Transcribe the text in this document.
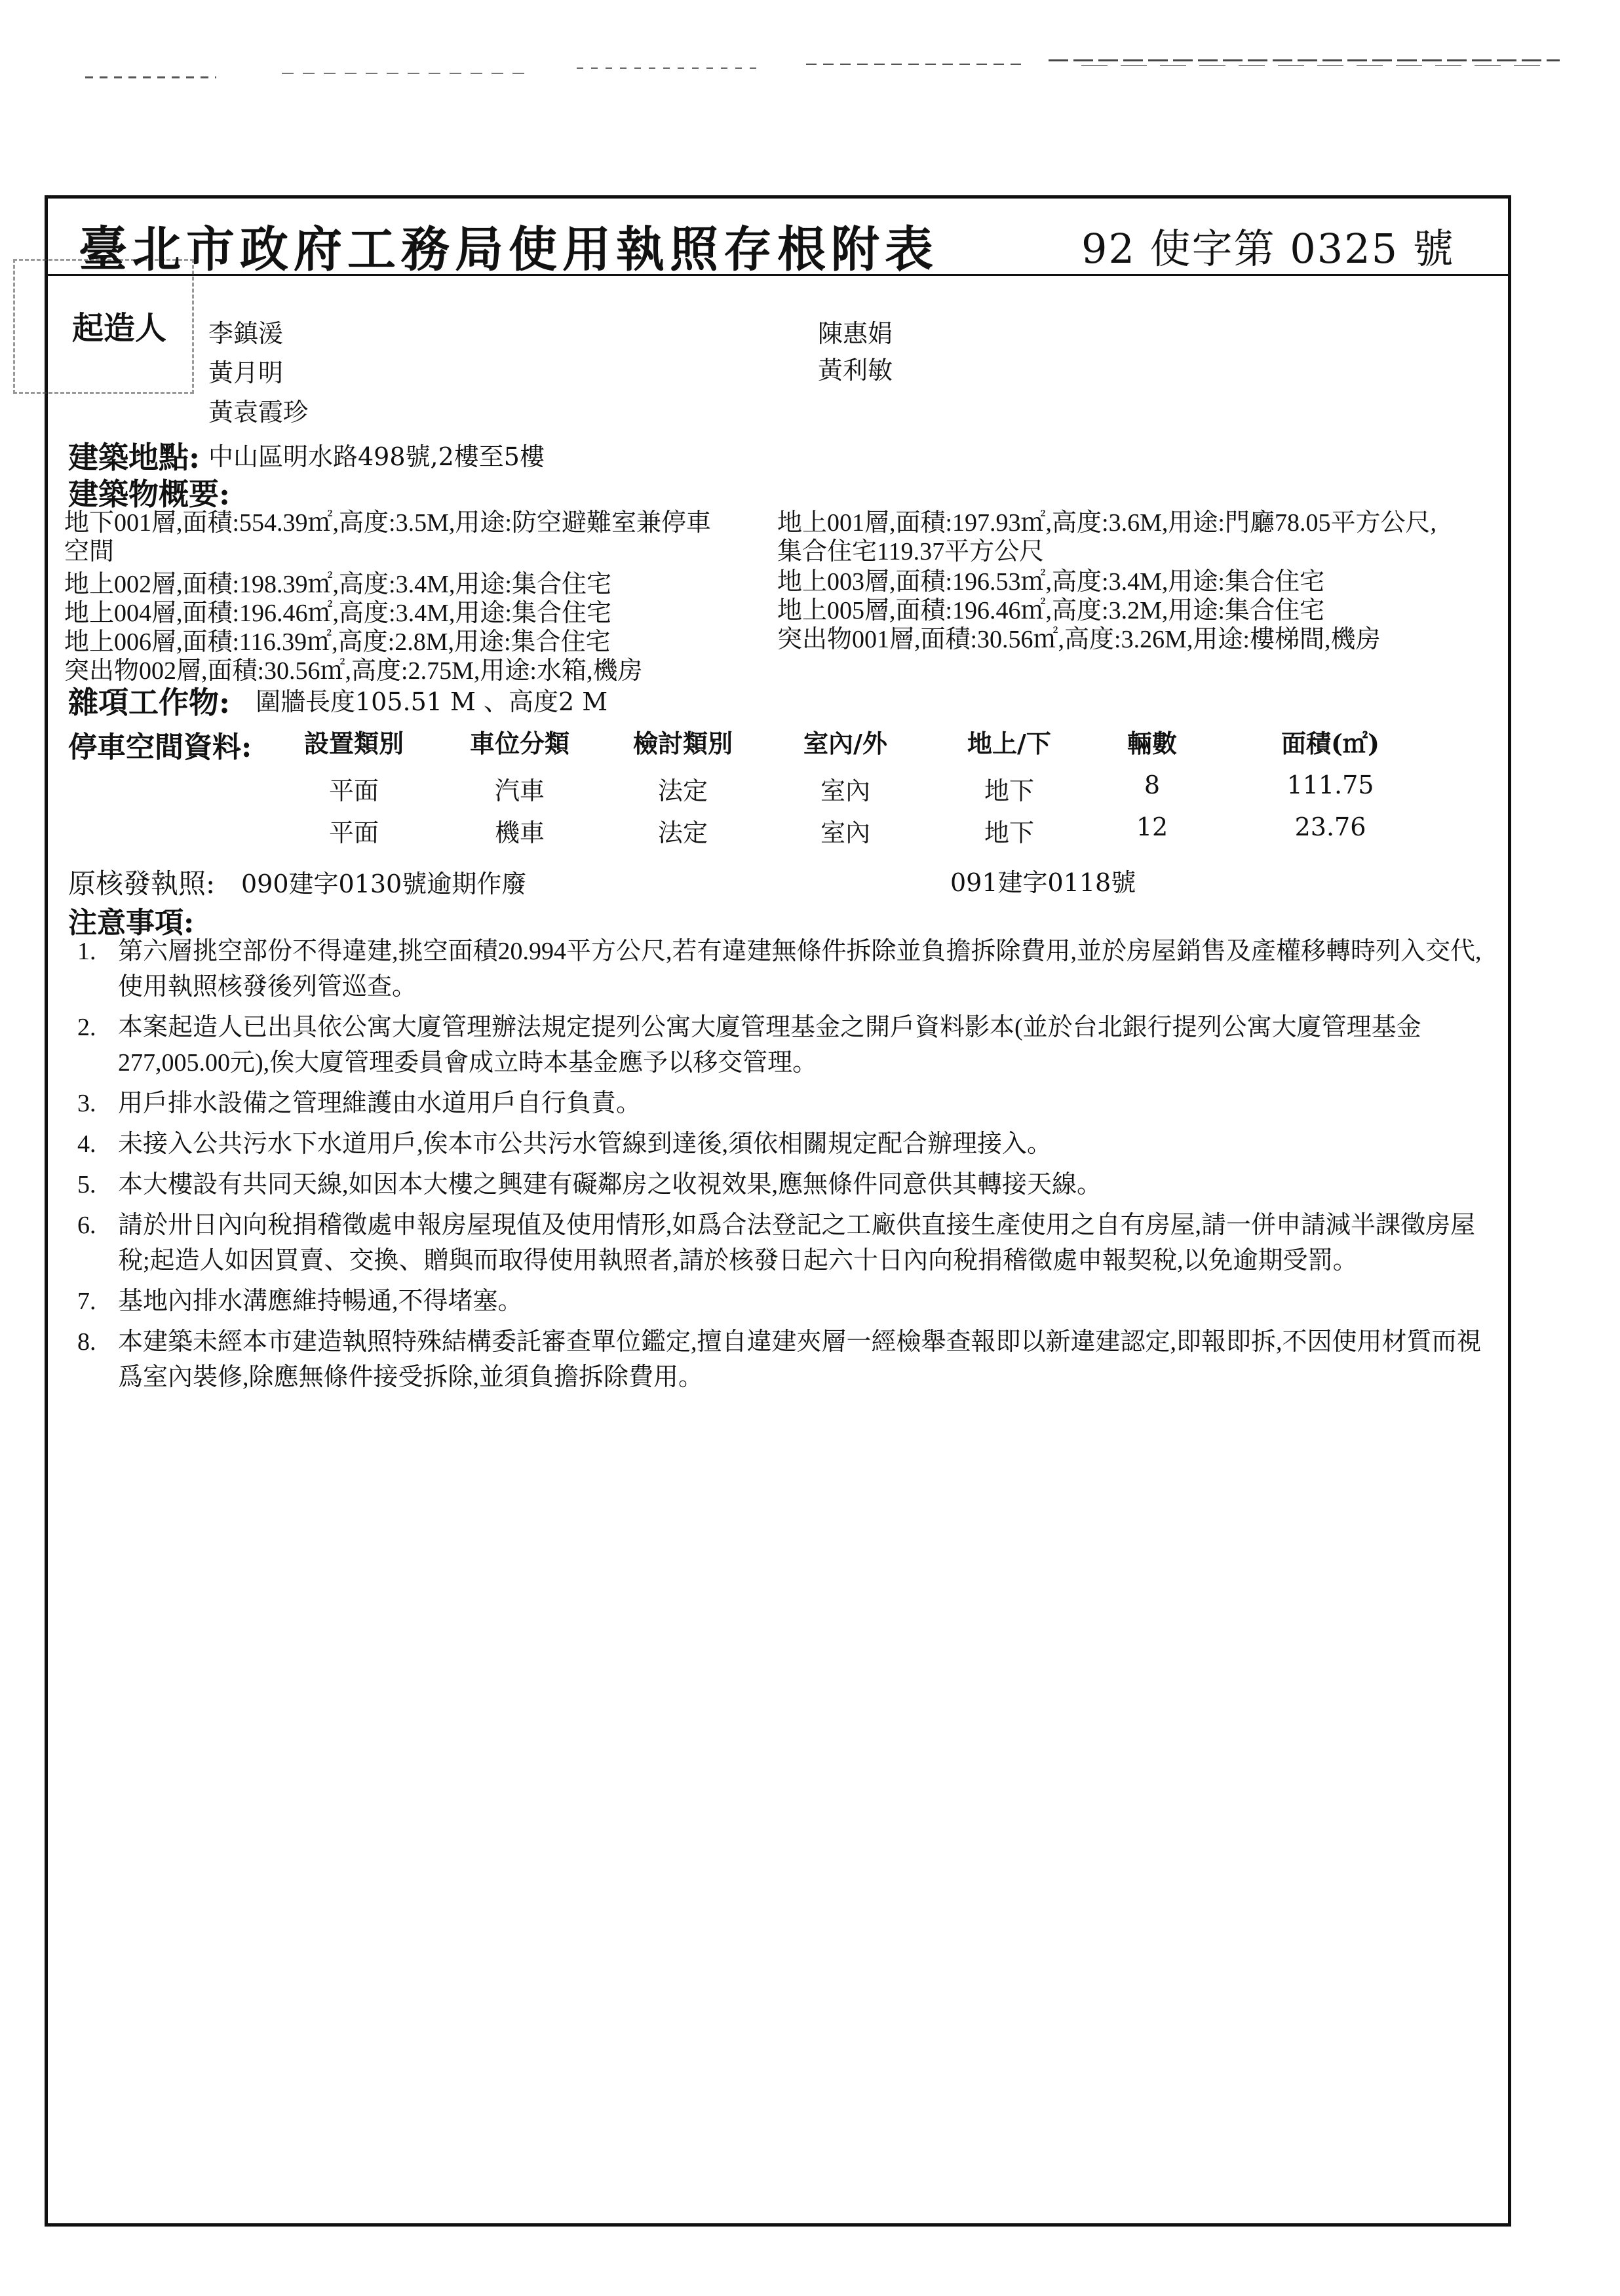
臺北市政府工務局使用執照存根附表	92 使字第 0325 號
起造人 李鎮湲
黃月明
黃袁霞珍
陳惠娟
黃利敏
建築地點: 中山區明水路498號,2樓至5樓
建築物概要:
地下001層,面積:554.39㎡,高度:3.5M,用途:防空避難室兼停車
空間
地上002層,面積:198.39㎡,高度:3.4M,用途:集合住宅
地上004層,面積:196.46㎡,高度:3.4M,用途:集合住宅
地上006層,面積:116.39㎡,高度:2.8M,用途:集合住宅
突出物002層,面積:30.56㎡,高度:2.75M,用途:水箱,機房
地上001層,面積:197.93㎡,高度:3.6M,用途:門廳78.05平方公尺,
集合住宅119.37平方公尺
地上003層,面積:196.53㎡,高度:3.4M,用途:集合住宅
地上005層,面積:196.46㎡,高度:3.2M,用途:集合住宅
突出物001層,面積:30.56㎡,高度:3.26M,用途:樓梯間,機房
雜項工作物: 圍牆長度105.51 M 、高度2 M
停車空間資料: 設置類別	車位分類	檢討類別	室內/外	地上/下	輛數	面積(㎡)
平面	汽車	法定	室內	地下	8	111.75
平面	機車	法定	室內	地下	12	23.76
原核發執照: 090建字0130號逾期作廢	091建字0118號
注意事項:
1. 第六層挑空部份不得違建,挑空面積20.994平方公尺,若有違建無條件拆除並負擔拆除費用,並於房屋銷售及產權移轉時列入交代,使用執照核發後列管巡查。
2. 本案起造人已出具依公寓大廈管理辦法規定提列公寓大廈管理基金之開戶資料影本(並於台北銀行提列公寓大廈管理基金277,005.00元),俟大廈管理委員會成立時本基金應予以移交管理。
3. 用戶排水設備之管理維護由水道用戶自行負責。
4. 未接入公共污水下水道用戶,俟本市公共污水管線到達後,須依相關規定配合辦理接入。
5. 本大樓設有共同天線,如因本大樓之興建有礙鄰房之收視效果,應無條件同意供其轉接天線。
6. 請於卅日內向稅捐稽徵處申報房屋現值及使用情形,如爲合法登記之工廠供直接生產使用之自有房屋,請一併申請減半課徵房屋稅;起造人如因買賣、交換、贈與而取得使用執照者,請於核發日起六十日內向稅捐稽徵處申報契稅,以免逾期受罰。
7. 基地內排水溝應維持暢通,不得堵塞。
8. 本建築未經本市建造執照特殊結構委託審查單位鑑定,擅自違建夾層一經檢舉查報即以新違建認定,即報即拆,不因使用材質而視爲室內裝修,除應無條件接受拆除,並須負擔拆除費用。
